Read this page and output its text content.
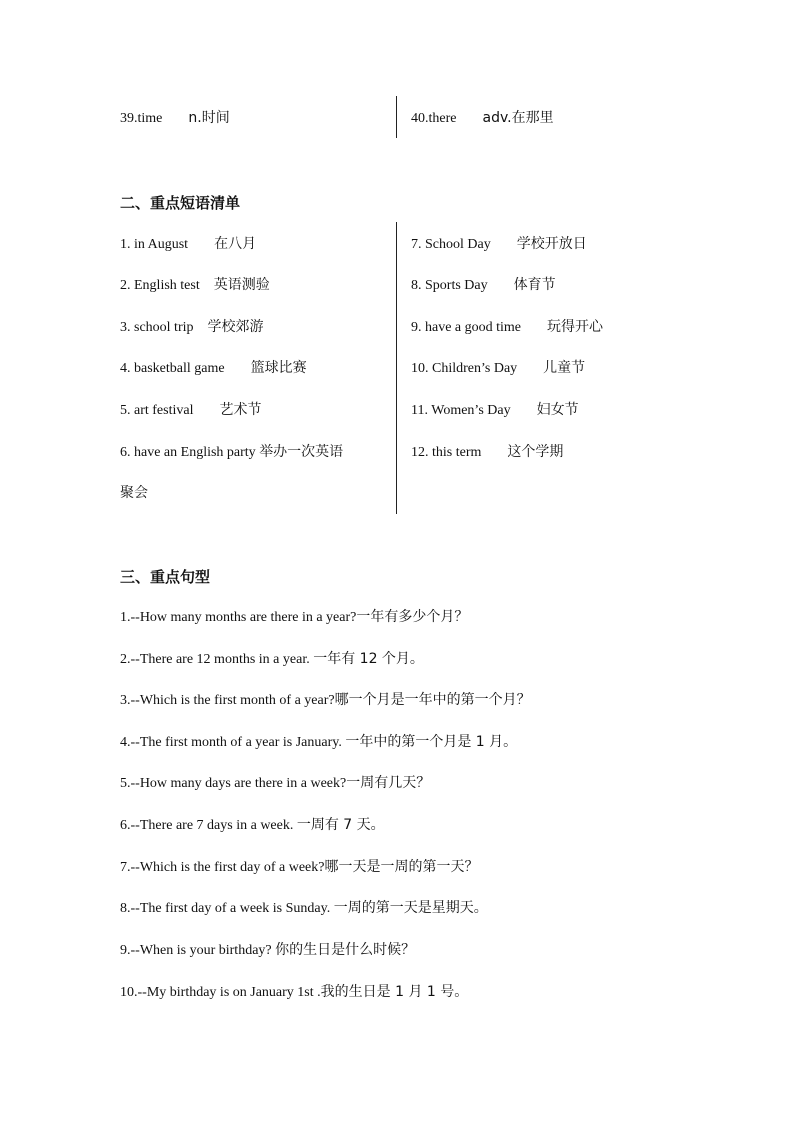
39.time n.时间	40.there adv.在那里
二、重点短语清单
1. in August 在八月
2. English test 英语测验
3. school trip 学校郊游
4. basketball game 篮球比赛
5. art festival 艺术节
6. have an English party 举办一次英语
聚会
7. School Day 学校开放日
8. Sports Day 体育节
9. have a good time 玩得开心
10. Children’s Day 儿童节
11. Women’s Day 妇女节
12. this term 这个学期
三、重点句型
1.--How many months are there in a year?一年有多少个月？
2.--There are 12 months in a year. 一年有 12 个月。
3.--Which is the first month of a year?哪一个月是一年中的第一个月？
4.--The first month of a year is January. 一年中的第一个月是 1 月。
5.--How many days are there in a week?一周有几天？
6.--There are 7 days in a week. 一周有 7 天。
7.--Which is the first day of a week?哪一天是一周的第一天？
8.--The first day of a week is Sunday. 一周的第一天是星期天。
9.--When is your birthday? 你的生日是什么时候？
10.--My birthday is on January 1st .我的生日是 1 月 1 号。
